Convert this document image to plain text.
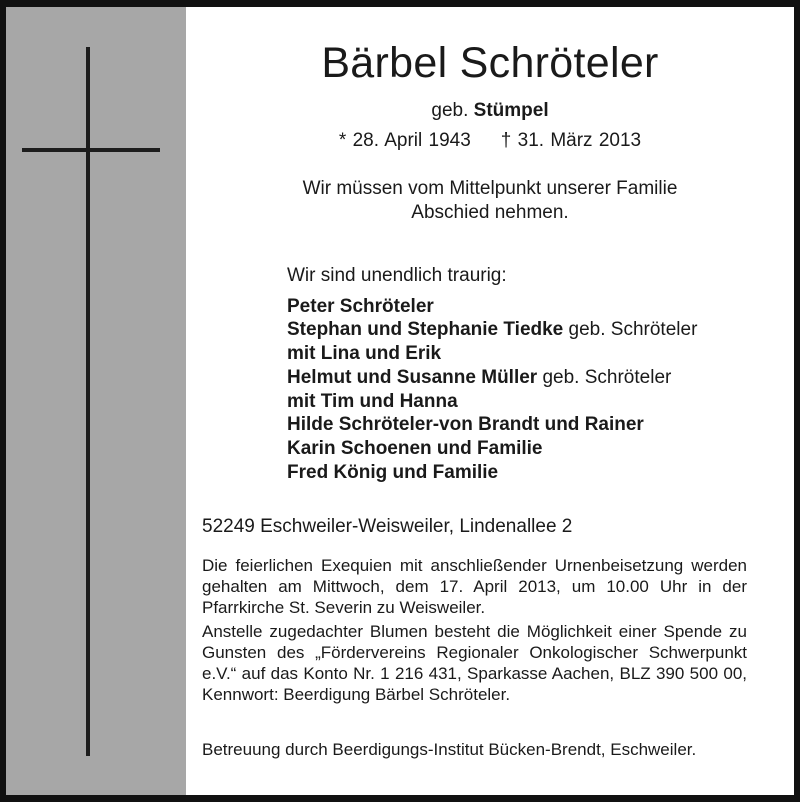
Bärbel Schröteler
geb. Stümpel
* 28. April 1943 † 31. März 2013
Wir müssen vom Mittelpunkt unserer Familie
Abschied nehmen.
Wir sind unendlich traurig:
Peter Schröteler
Stephan und Stephanie Tiedke geb. Schröteler
mit Lina und Erik
Helmut und Susanne Müller geb. Schröteler
mit Tim und Hanna
Hilde Schröteler-von Brandt und Rainer
Karin Schoenen und Familie
Fred König und Familie
52249 Eschweiler-Weisweiler, Lindenallee 2
Die feierlichen Exequien mit anschließender Urnenbeisetzung werden gehalten am Mittwoch, dem 17. April 2013, um 10.00 Uhr in der Pfarrkirche St. Severin zu Weisweiler.
Anstelle zugedachter Blumen besteht die Möglichkeit einer Spende zu Gunsten des „Fördervereins Regionaler Onkologischer Schwerpunkt e.V.“ auf das Konto Nr. 1 216 431, Sparkasse Aachen, BLZ 390 500 00, Kennwort: Beerdigung Bärbel Schröteler.
Betreuung durch Beerdigungs-Institut Bücken-Brendt, Eschweiler.
